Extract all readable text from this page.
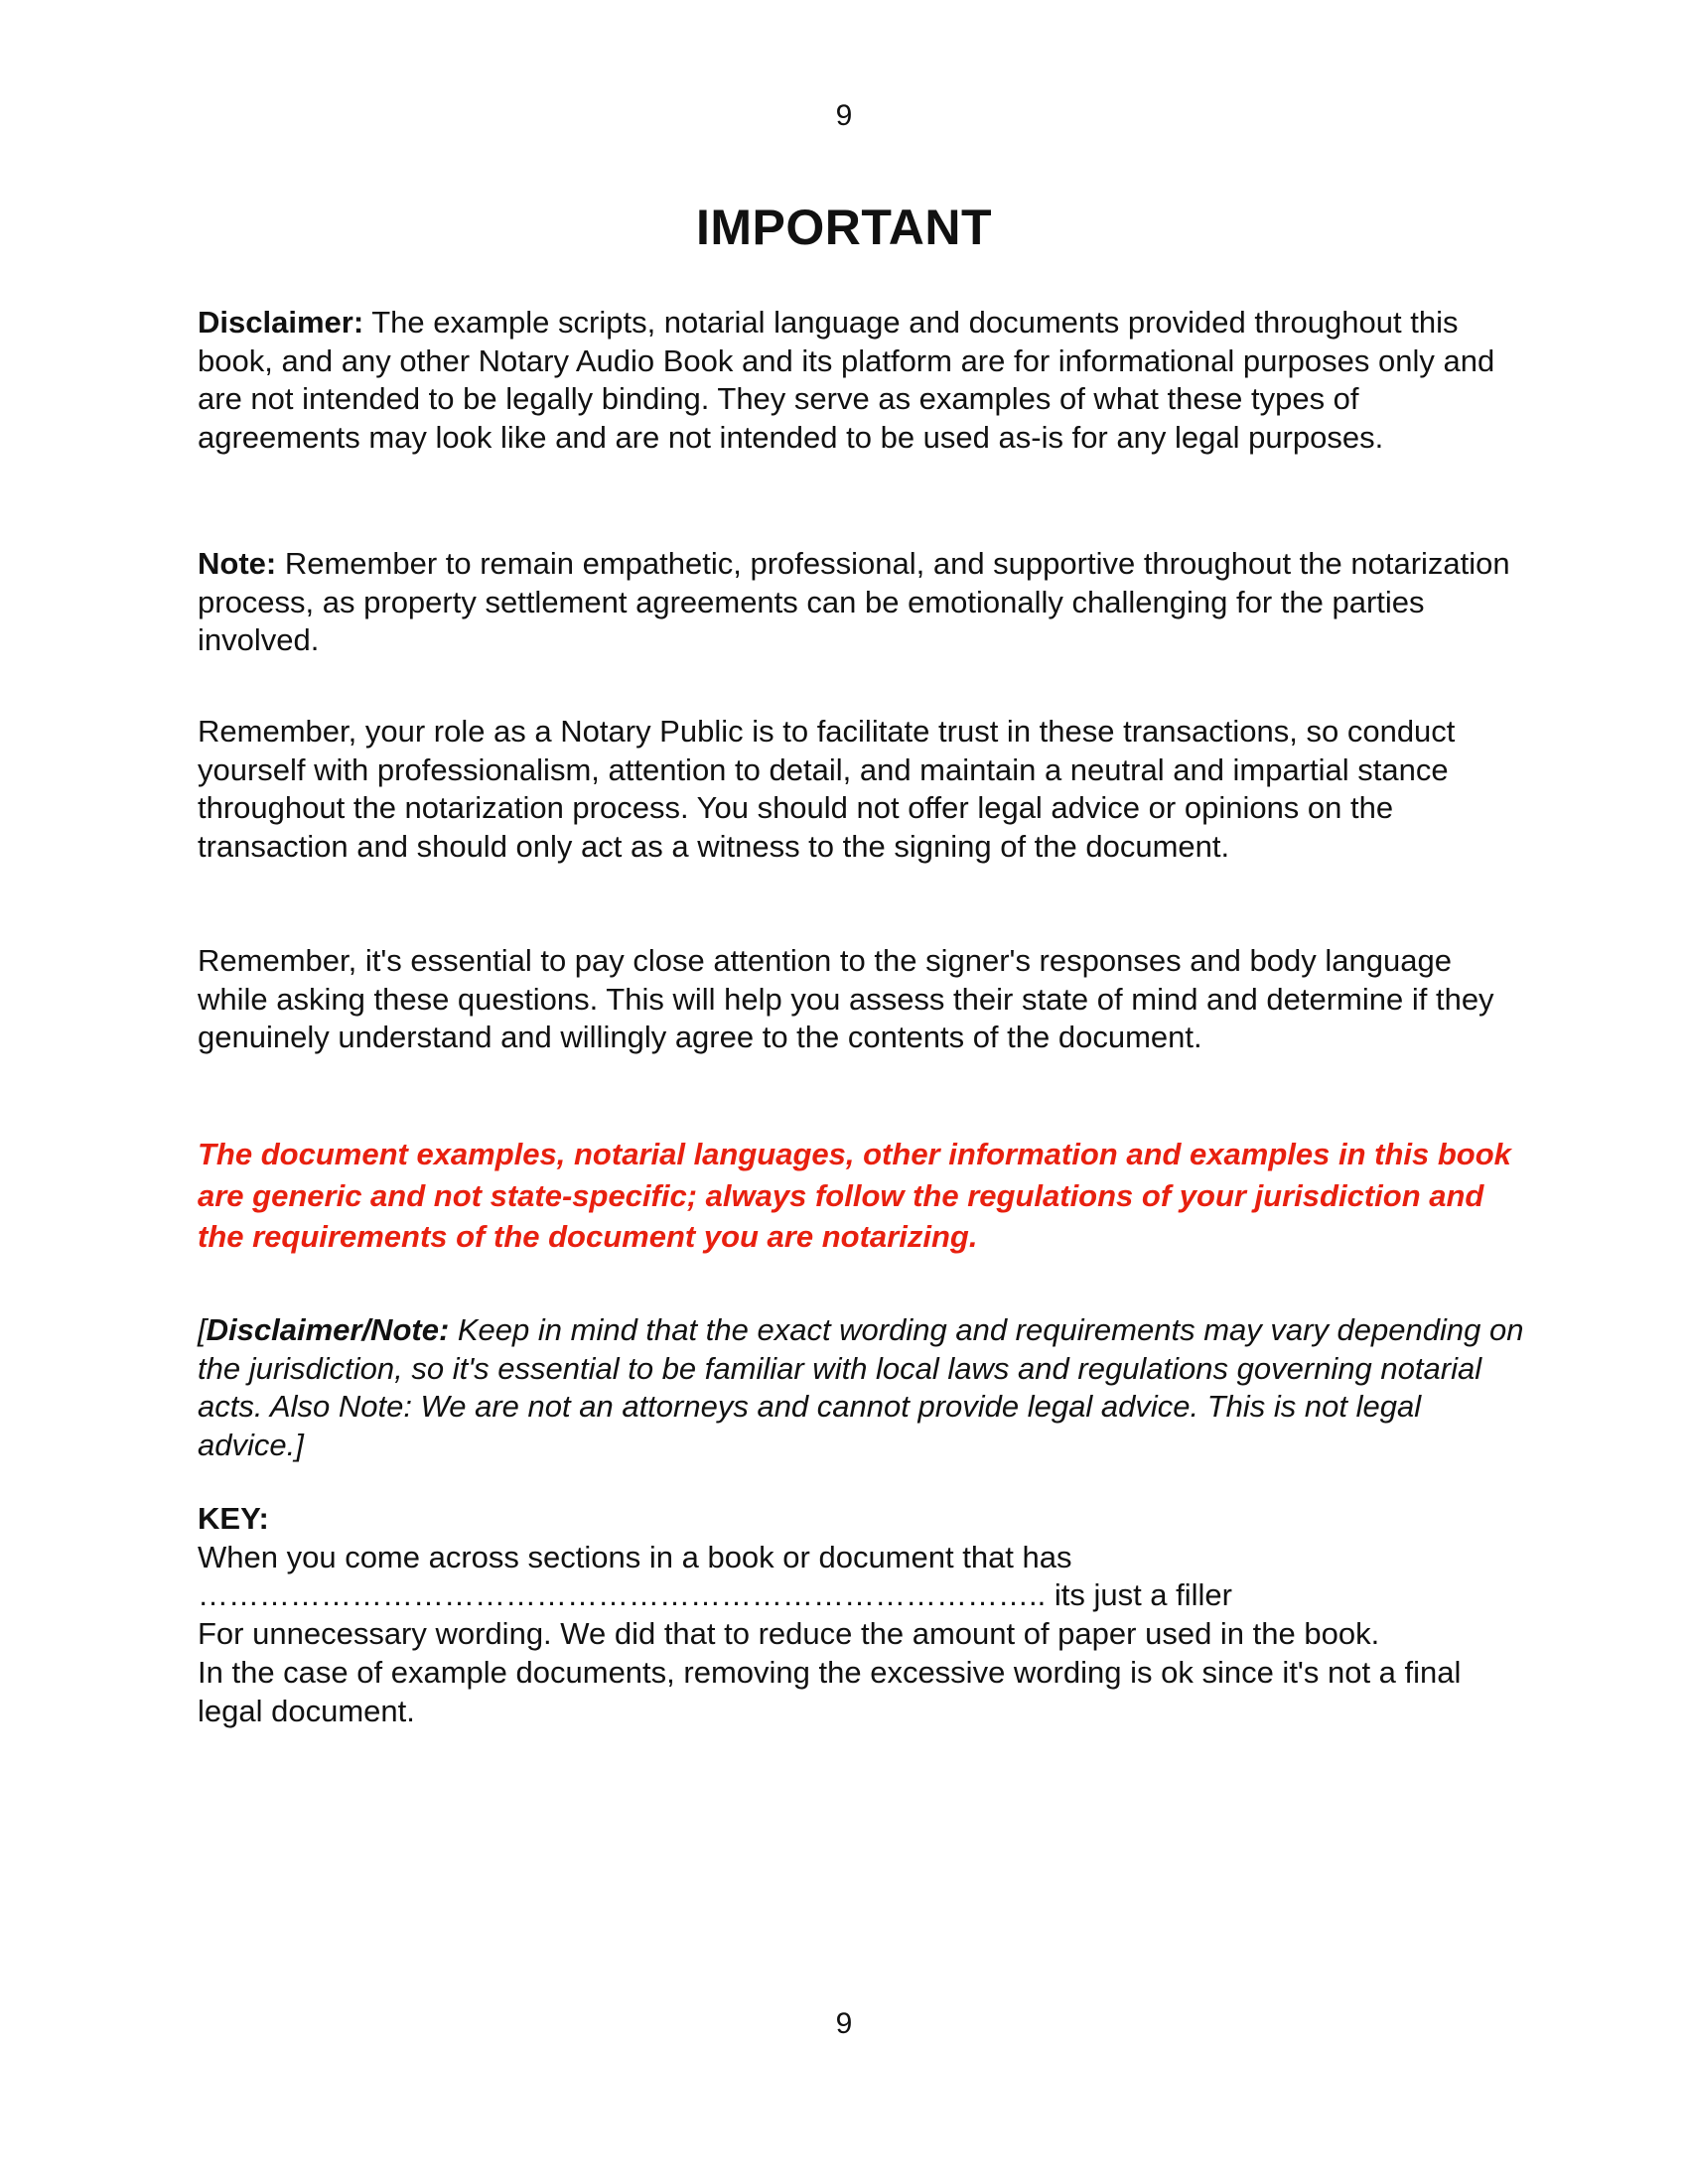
9
IMPORTANT

Disclaimer: The example scripts, notarial language and documents provided throughout this book, and any other Notary Audio Book and its platform are for informational purposes only and are not intended to be legally binding. They serve as examples of what these types of agreements may look like and are not intended to be used as-is for any legal purposes.

Note: Remember to remain empathetic, professional, and supportive throughout the notarization process, as property settlement agreements can be emotionally challenging for the parties involved.

Remember, your role as a Notary Public is to facilitate trust in these transactions, so conduct yourself with professionalism, attention to detail, and maintain a neutral and impartial stance throughout the notarization process. You should not offer legal advice or opinions on the transaction and should only act as a witness to the signing of the document.

Remember, it's essential to pay close attention to the signer's responses and body language while asking these questions. This will help you assess their state of mind and determine if they genuinely understand and willingly agree to the contents of the document.

The document examples, notarial languages, other information and examples in this book are generic and not state-specific; always follow the regulations of your jurisdiction and the requirements of the document you are notarizing.

[Disclaimer/Note: Keep in mind that the exact wording and requirements may vary depending on the jurisdiction, so it's essential to be familiar with local laws and regulations governing notarial acts. Also Note: We are not an attorneys and cannot provide legal advice. This is not legal advice.]

KEY:
When you come across sections in a book or document that has
……………………………………………………………………….. its just a filler
For unnecessary wording. We did that to reduce the amount of paper used in the book.
In the case of example documents, removing the excessive wording is ok since it's not a final legal document.
9
